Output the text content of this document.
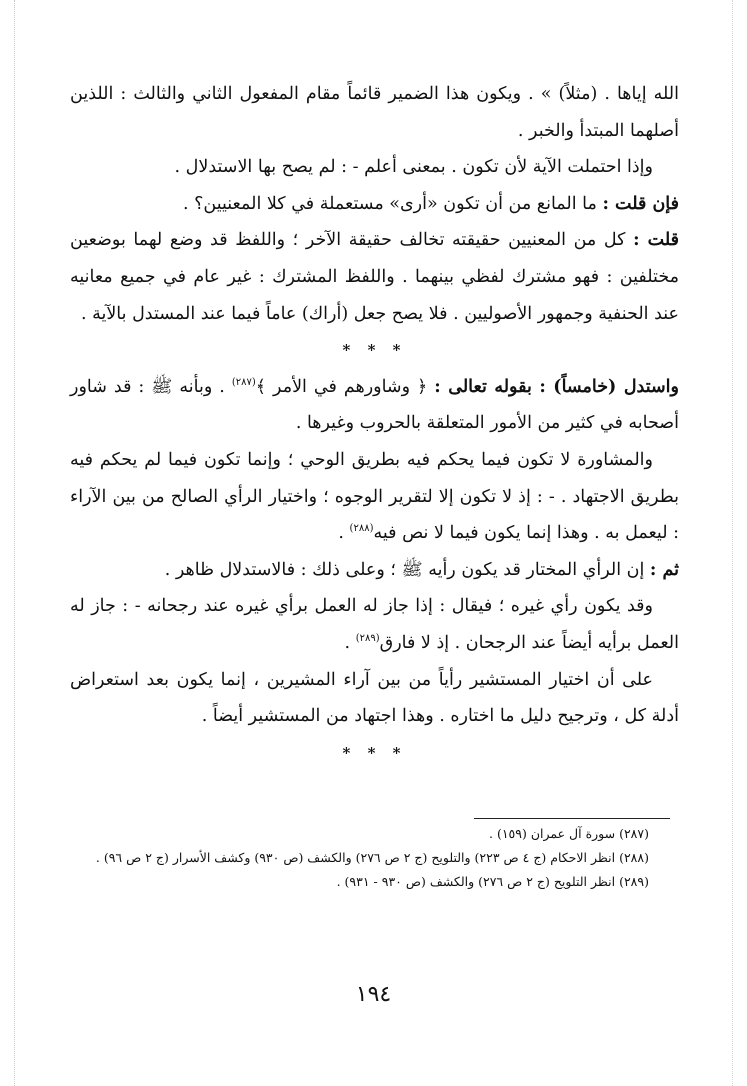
الله إياها . (مثلاً) » . ويكون هذا الضمير قائماً مقام المفعول الثاني والثالث : اللذين أصلهما المبتدأ والخبر .

وإذا احتملت الآية لأن تكون . بمعنى أعلم - : لم يصح بها الاستدلال .

فإن قلت : ما المانع من أن تكون «أرى» مستعملة في كلا المعنيين؟ .

قلت : كل من المعنيين حقيقته تخالف حقيقة الآخر ؛ واللفظ قد وضع لهما بوضعين مختلفين : فهو مشترك لفظي بينهما . واللفظ المشترك : غير عام في جميع معانيه عند الحنفية وجمهور الأصوليين . فلا يصح جعل (أراك) عاماً فيما عند المستدل بالآية .

* * *

واستدل (خامساً) : بقوله تعالى : ﴿ وشاورهم في الأمر ﴾$^{(٢٨٧)}$ . وبأنه ﷺ : قد شاور أصحابه في كثير من الأمور المتعلقة بالحروب وغيرها .

والمشاورة لا تكون فيما يحكم فيه بطريق الوحي ؛ وإنما تكون فيما لم يحكم فيه بطريق الاجتهاد . - : إذ لا تكون إلا لتقرير الوجوه ؛ واختيار الرأي الصالح من بين الآراء : ليعمل به . وهذا إنما يكون فيما لا نص فيه$^{(٢٨٨)}$ .

ثم : إن الرأي المختار قد يكون رأيه ﷺ ؛ وعلى ذلك : فالاستدلال ظاهر .

وقد يكون رأي غيره ؛ فيقال : إذا جاز له العمل برأي غيره عند رجحانه - : جاز له العمل برأيه أيضاً عند الرجحان . إذ لا فارق$^{(٢٨٩)}$ .

على أن اختيار المستشير رأياً من بين آراء المشيرين ، إنما يكون بعد استعراض أدلة كل ، وترجيح دليل ما اختاره . وهذا اجتهاد من المستشير أيضاً .

* * *

(٢٨٧) سورة آل عمران (١٥٩) .

(٢٨٨) انظر الاحكام (ج ٤ ص ٢٢٣) والتلويح (ج ٢ ص ٢٧٦) والكشف (ص ٩٣٠) وكشف الأسرار (ج ٢ ص ٩٦) .

(٢٨٩) انظر التلويح (ج ٢ ص ٢٧٦) والكشف (ص ٩٣٠ - ٩٣١) .

١٩٤
